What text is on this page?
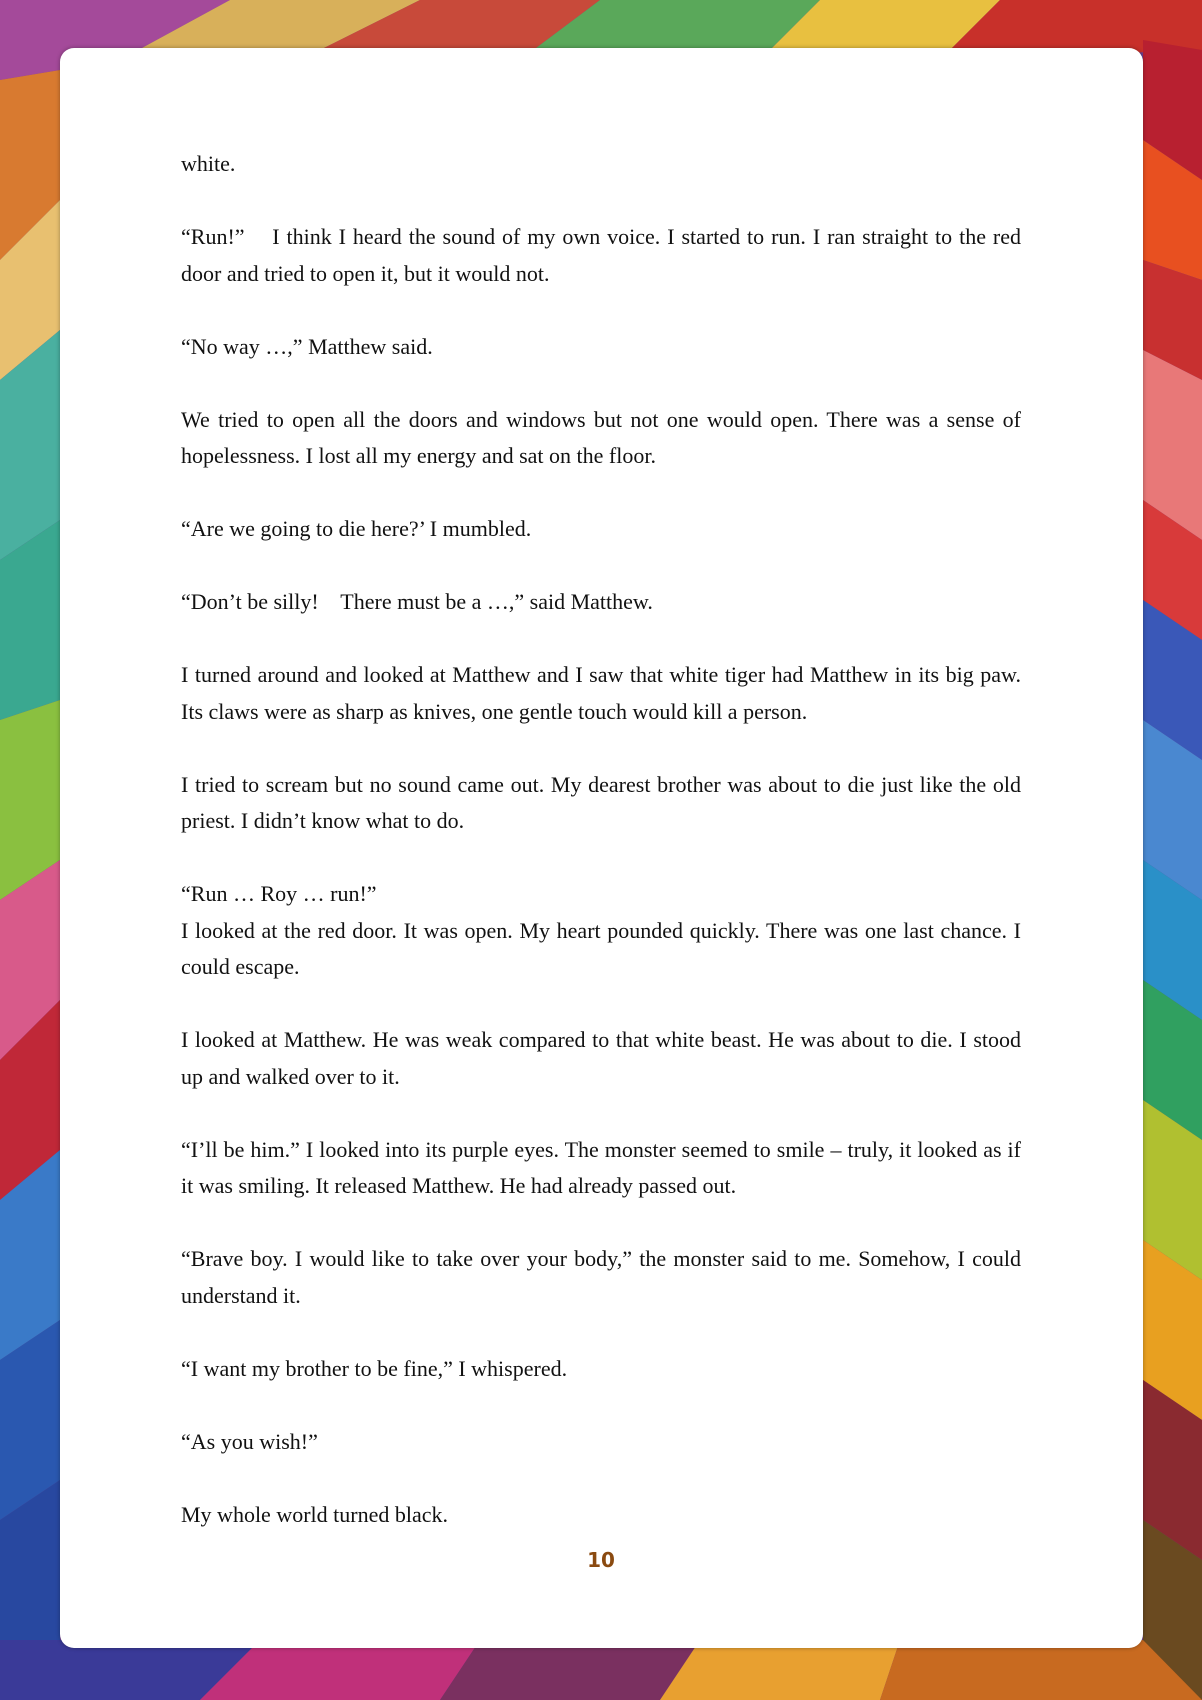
white.

“Run!”    I think I heard the sound of my own voice. I started to run. I ran straight to the red door and tried to open it, but it would not.

“No way …,” Matthew said.

We tried to open all the doors and windows but not one would open. There was a sense of hopelessness. I lost all my energy and sat on the floor.

“Are we going to die here?’ I mumbled.

“Don’t be silly!    There must be a …,” said Matthew.

I turned around and looked at Matthew and I saw that white tiger had Matthew in its big paw. Its claws were as sharp as knives, one gentle touch would kill a person.

I tried to scream but no sound came out. My dearest brother was about to die just like the old priest. I didn’t know what to do.

“Run … Roy … run!”

I looked at the red door. It was open. My heart pounded quickly. There was one last chance. I could escape.

I looked at Matthew. He was weak compared to that white beast. He was about to die. I stood up and walked over to it.

“I’ll be him.” I looked into its purple eyes. The monster seemed to smile – truly, it looked as if it was smiling. It released Matthew. He had already passed out.

“Brave boy. I would like to take over your body,” the monster said to me. Somehow, I could understand it.

“I want my brother to be fine,” I whispered.

“As you wish!”

My whole world turned black.

10
